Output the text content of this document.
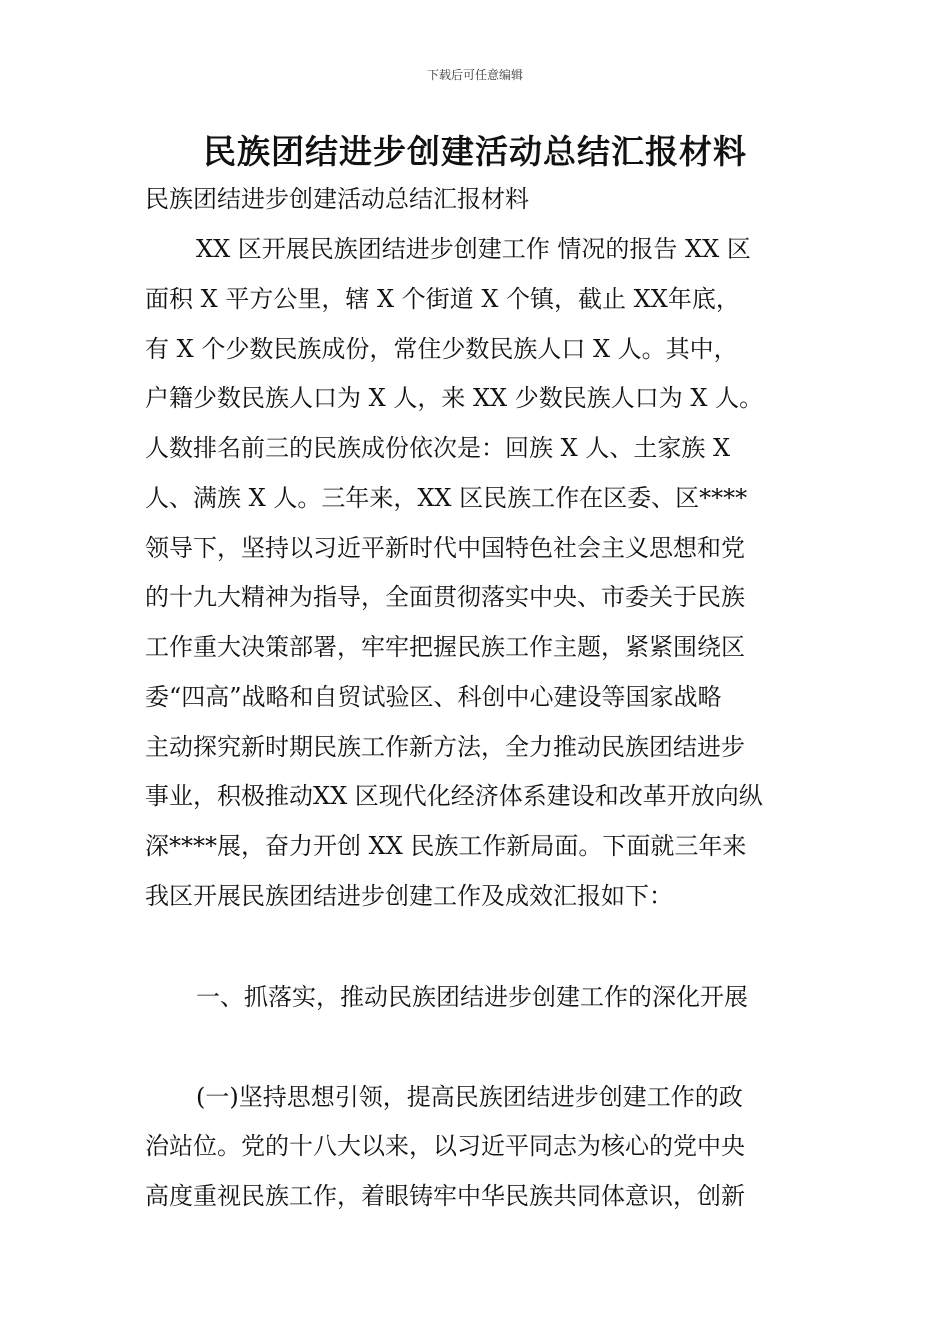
下载后可任意编辑
民族团结进步创建活动总结汇报材料
民族团结进步创建活动总结汇报材料
XX 区开展民族团结进步创建工作 情况的报告 XX 区
面积 X 平方公里，辖 X 个街道 X 个镇，截止 XX年底，
有 X 个少数民族成份，常住少数民族人口 X 人。其中，
户籍少数民族人口为 X 人，来 XX 少数民族人口为 X 人。
人数排名前三的民族成份依次是：回族 X 人、土家族 X
人、满族 X 人。三年来，XX 区民族工作在区委、区****
领导下，坚持以习近平新时代中国特色社会主义思想和党
的十九大精神为指导，全面贯彻落实中央、市委关于民族
工作重大决策部署，牢牢把握民族工作主题，紧紧围绕区
委“四高”战略和自贸试验区、科创中心建设等国家战略
主动探究新时期民族工作新方法，全力推动民族团结进步
事业，积极推动XX 区现代化经济体系建设和改革开放向纵
深****展，奋力开创 XX 民族工作新局面。下面就三年来
我区开展民族团结进步创建工作及成效汇报如下：
一、抓落实，推动民族团结进步创建工作的深化开展
(一)坚持思想引领，提高民族团结进步创建工作的政
治站位。党的十八大以来，以习近平同志为核心的党中央
高度重视民族工作，着眼铸牢中华民族共同体意识，创新
